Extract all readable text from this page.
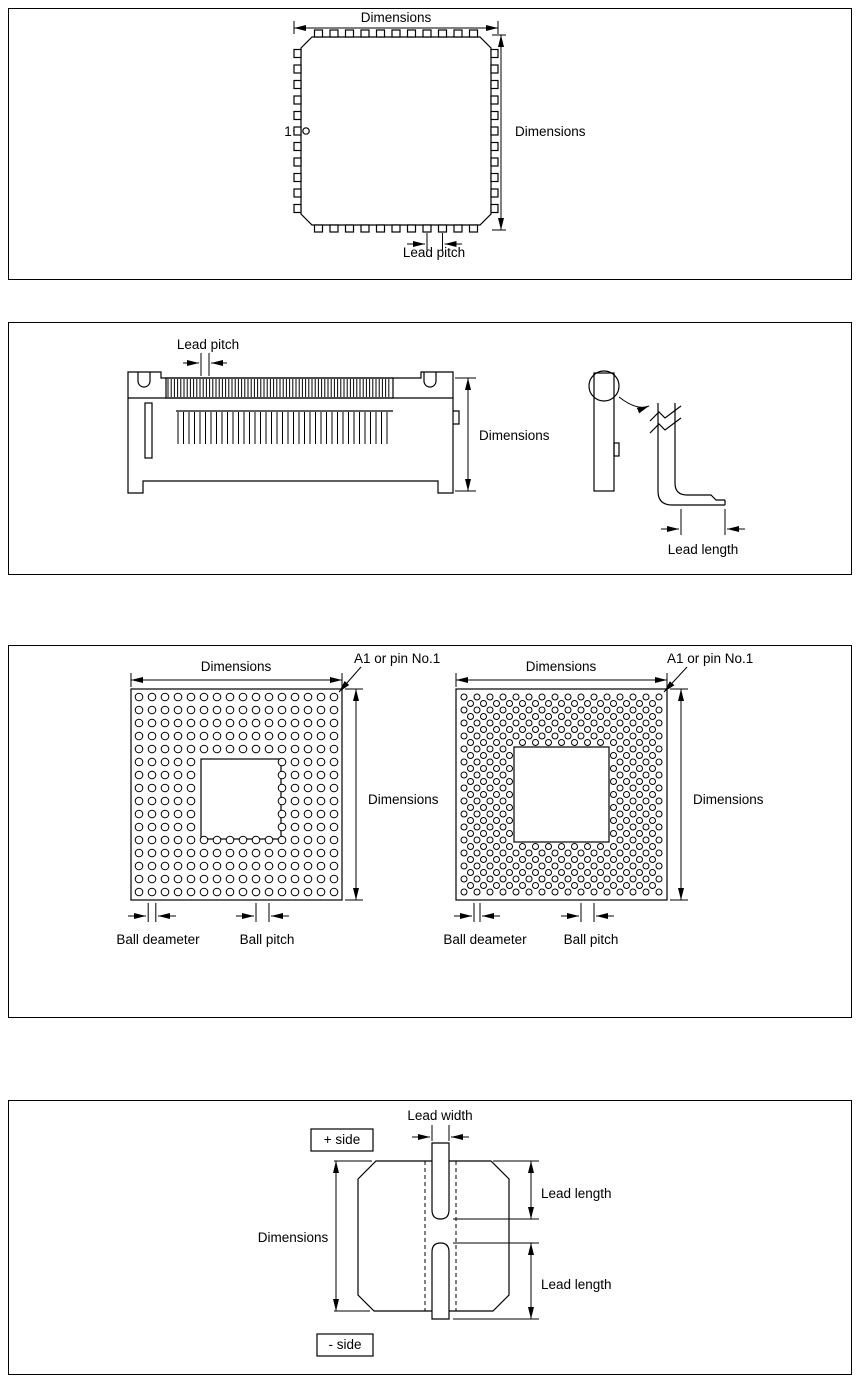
1
Dimensions
Dimensions
Lead pitch
Lead pitch
Dimensions
Lead length
Dimensions
A1 or pin No.1
Dimensions
Ball deameter	Ball pitch
Dimensions
A1 or pin No.1
Dimensions
Ball deameter	Ball pitch
Lead width
+ side
Dimensions
Lead length
Lead length
- side
